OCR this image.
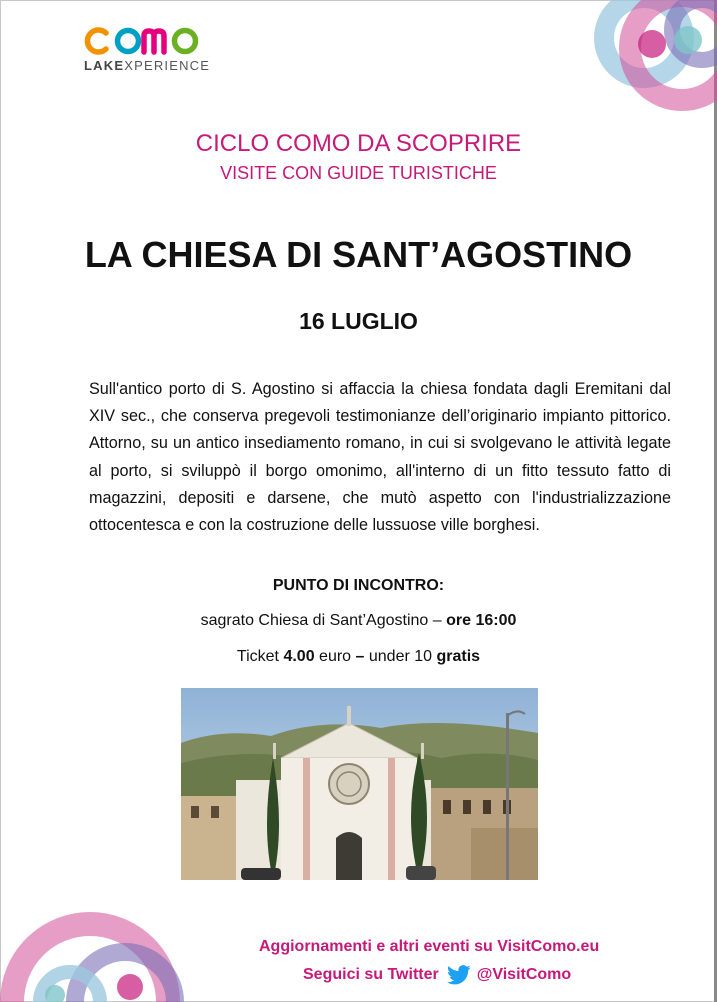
LAKEXPERIENCE
CICLO COMO DA SCOPRIRE
VISITE CON GUIDE TURISTICHE
LA CHIESA DI SANT’AGOSTINO
16 LUGLIO
Sull'antico porto di S. Agostino si affaccia la chiesa fondata dagli Eremitani dal XIV sec., che conserva pregevoli testimonianze dell’originario impianto pittorico. Attorno, su un antico insediamento romano, in cui si svolgevano le attività legate al porto, si sviluppò il borgo omonimo, all'interno di un fitto tessuto fatto di magazzini, depositi e darsene, che mutò aspetto con l'industrializzazione ottocentesca e con la costruzione delle lussuose ville borghesi.
PUNTO DI INCONTRO:
sagrato Chiesa di Sant’Agostino – ore 16:00
Ticket 4.00 euro – under 10 gratis
Aggiornamenti e altri eventi su VisitComo.eu
Seguici su Twitter @VisitComo
